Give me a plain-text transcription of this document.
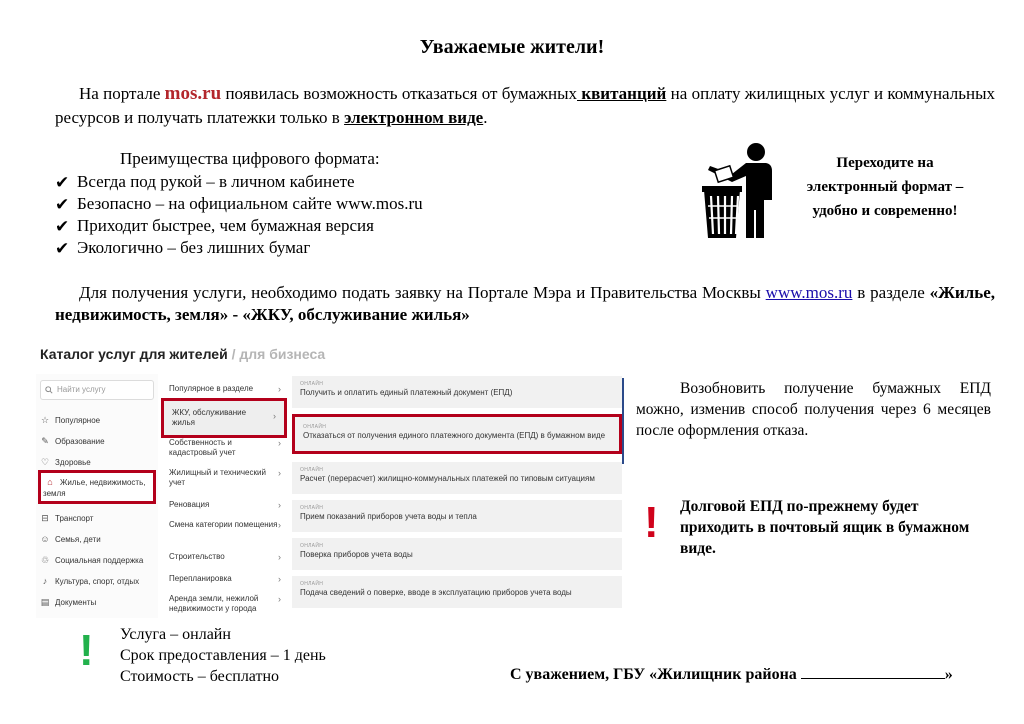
Уважаемые жители!
На портале mos.ru появилась возможность отказаться от бумажных квитанций на оплату жилищных услуг и коммунальных ресурсов и получать платежки только в электронном виде.
Преимущества цифрового формата:
✔ Всегда под рукой – в личном кабинете
✔ Безопасно – на официальном сайте www.mos.ru
✔ Приходит быстрее, чем бумажная версия
✔ Экологично – без лишних бумаг
Переходите на
электронный формат –
удобно и современно!
Для получения услуги, необходимо подать заявку на Портале Мэра и Правительства Москвы www.mos.ru в разделе «Жилье, недвижимость, земля» - «ЖКУ, обслуживание жилья»
Каталог услуг для жителей / для бизнеса
Найти услугу
☆ Популярное
✎ Образование
♡ Здоровье
⌂ Жилье, недвижимость, земля
⊟ Транспорт
☺ Семья, дети
♲ Социальная поддержка
♪ Культура, спорт, отдых
▤ Документы
Популярное в разделе	›
ЖКУ, обслуживание жилья
›
Собственность и кадастровый учет
›
Жилищный и технический учет
›
Реновация	›
Смена категории помещения ›
Строительство	›
Перепланировка	›
Аренда земли, нежилой недвижимости у города
›
ОНЛАЙН
Получить и оплатить единый платежный документ (ЕПД)
ОНЛАЙН
Отказаться от получения единого платежного документа (ЕПД) в бумажном виде
ОНЛАЙН
Расчет (перерасчет) жилищно-коммунальных платежей по типовым ситуациям
ОНЛАЙН
Прием показаний приборов учета воды и тепла
ОНЛАЙН
Поверка приборов учета воды
ОНЛАЙН
Подача сведений о поверке, вводе в эксплуатацию приборов учета воды
Возобновить получение бумажных ЕПД можно, изменив способ получения через 6 месяцев после оформления отказа.
! Долговой ЕПД по-прежнему будет приходить в почтовый ящик в бумажном виде.
! Услуга – онлайн
Срок предоставления – 1 день
Стоимость – бесплатно	С уважением, ГБУ «Жилищник района	»
